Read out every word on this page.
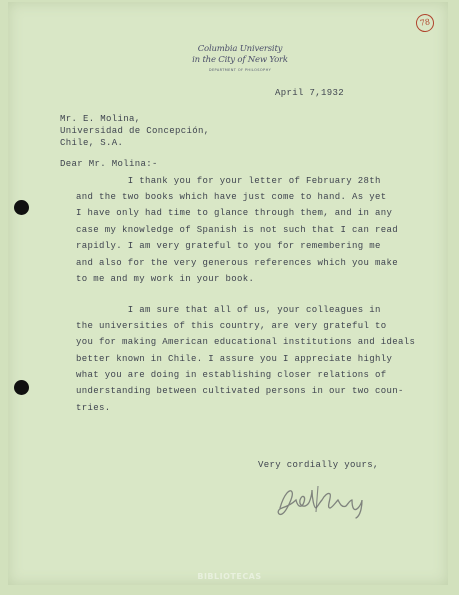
78
Columbia University
in the City of New York
DEPARTMENT OF PHILOSOPHY
April 7,1932
Mr. E. Molina,
Universidad de Concepción,
Chile, S.A.
Dear Mr. Molina:-
I thank you for your letter of February 28th
and the two books which have just come to hand. As yet
I have only had time to glance through them, and in any
case my knowledge of Spanish is not such that I can read
rapidly. I am very grateful to you for remembering me
and also for the very generous references which you make
to me and my work in your book.
I am sure that all of us, your colleagues in
the universities of this country, are very grateful to
you for making American educational institutions and ideals
better known in Chile. I assure you I appreciate highly
what you are doing in establishing closer relations of
understanding between cultivated persons in our two coun-
tries.
Very cordially yours,
BIBLIOTECAS
